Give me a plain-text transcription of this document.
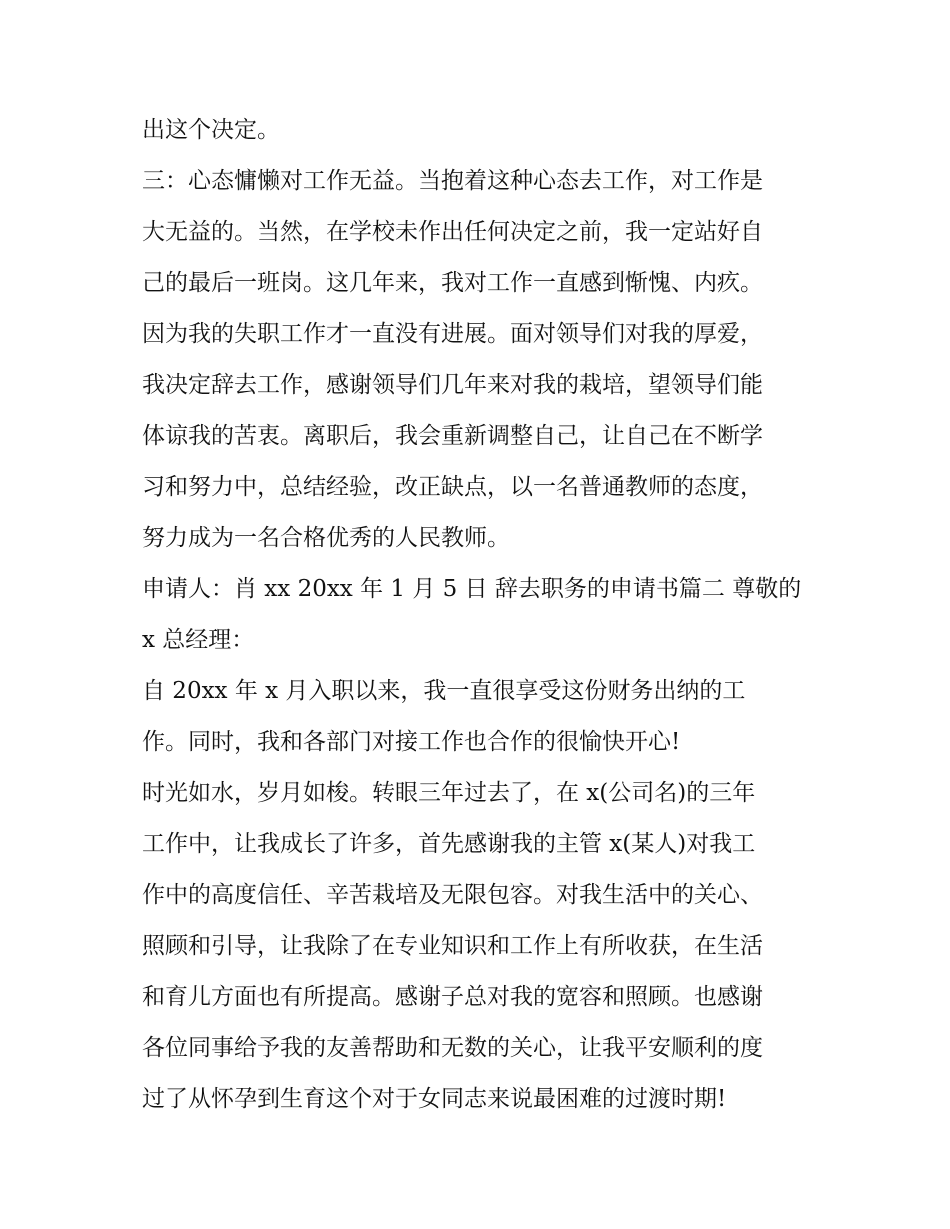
出这个决定。
三：心态慵懒对工作无益。当抱着这种心态去工作，对工作是
大无益的。当然，在学校未作出任何决定之前，我一定站好自
己的最后一班岗。这几年来，我对工作一直感到惭愧、内疚。
因为我的失职工作才一直没有进展。面对领导们对我的厚爱，
我决定辞去工作，感谢领导们几年来对我的栽培，望领导们能
体谅我的苦衷。离职后，我会重新调整自己，让自己在不断学
习和努力中，总结经验，改正缺点，以一名普通教师的态度，
努力成为一名合格优秀的人民教师。
申请人：肖 xx 20xx 年 1 月 5 日 辞去职务的申请书篇二 尊敬的
x 总经理：
自 20xx 年 x 月入职以来，我一直很享受这份财务出纳的工
作。同时，我和各部门对接工作也合作的很愉快开心!
时光如水，岁月如梭。转眼三年过去了，在 x(公司名)的三年
工作中，让我成长了许多，首先感谢我的主管 x(某人)对我工
作中的高度信任、辛苦栽培及无限包容。对我生活中的关心、
照顾和引导，让我除了在专业知识和工作上有所收获，在生活
和育儿方面也有所提高。感谢子总对我的宽容和照顾。也感谢
各位同事给予我的友善帮助和无数的关心，让我平安顺利的度
过了从怀孕到生育这个对于女同志来说最困难的过渡时期!
